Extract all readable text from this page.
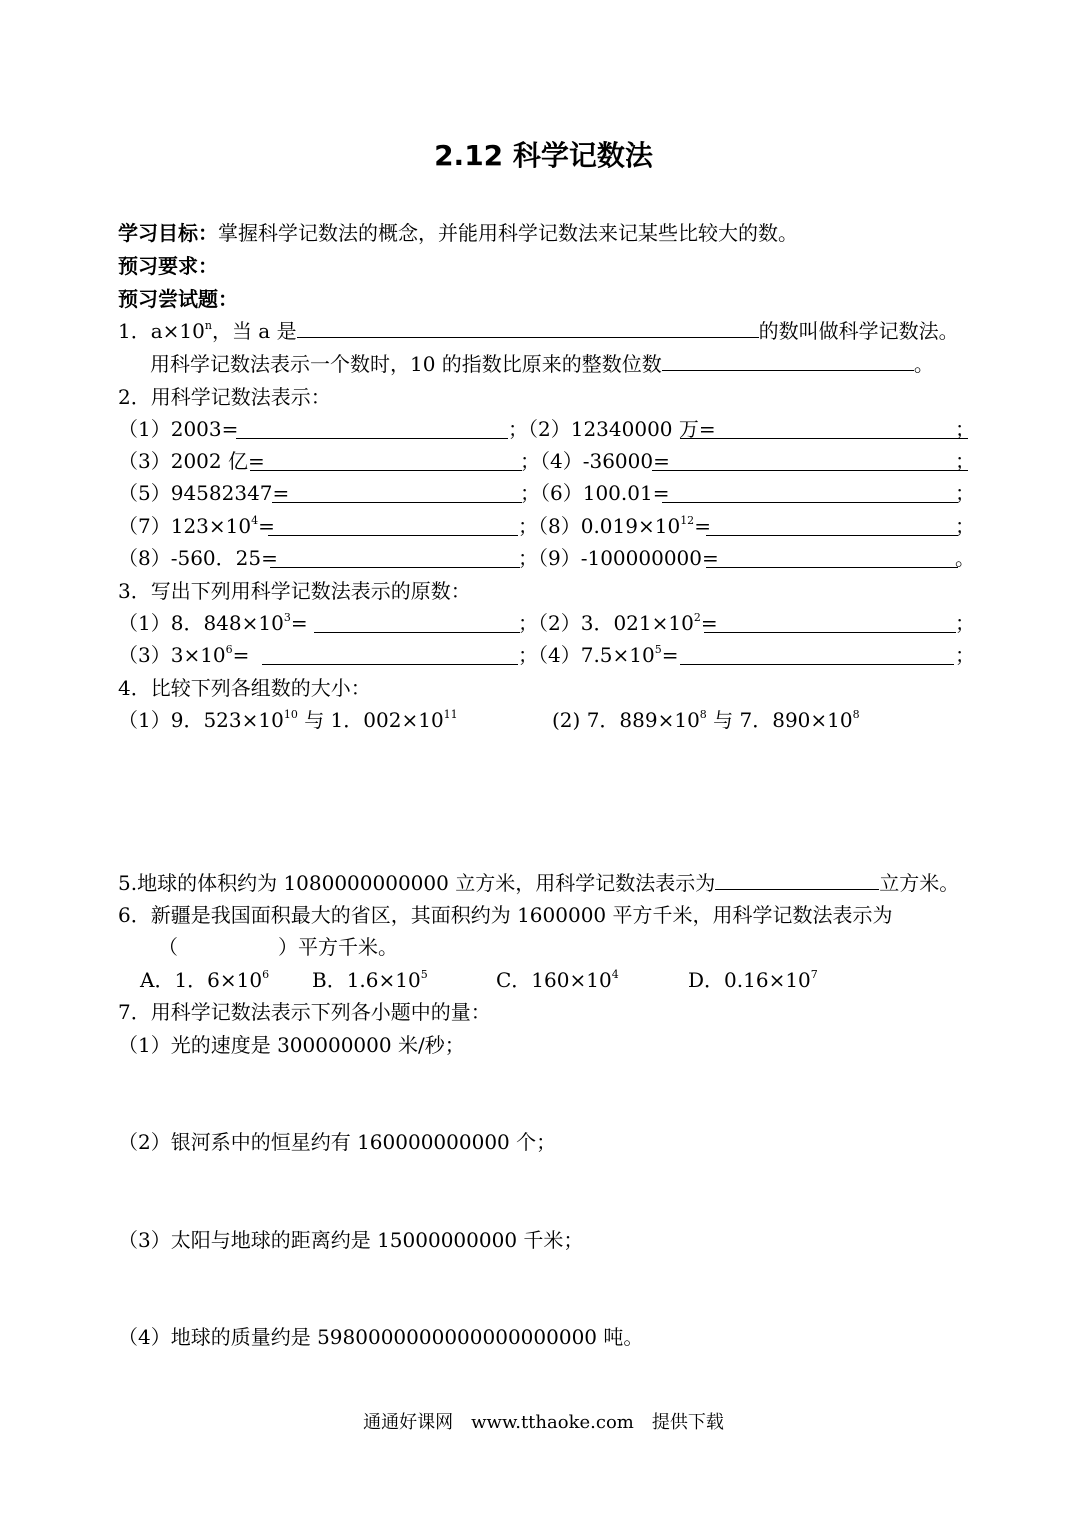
2.12 科学记数法
学习目标：掌握科学记数法的概念，并能用科学记数法来记某些比较大的数。
预习要求：
预习尝试题：
1．$a\times 10^n$，当 a 是	的数叫做科学记数法。
用科学记数法表示一个数时，10 的指数比原来的整数位数	。
2．用科学记数法表示：
（1）2003=	；（2）12340000 万=	；
（3）2002 亿=	；（4）-36000=	；
（5）94582347=	；（6）100.01=	；
$(7)123\times 10^4=$	；$(8)0.019\times 10^{12}=$	；
（8）-560．25=	；（9）-100000000=	。
3．写出下列用科学记数法表示的原数：
（1）8．$848\times 10^3=$	；（2）3．$021\times 10^2=$	；
$(3)3\times 10^6=$	；$(4)7.5\times 10^5=$	；
4．比较下列各组数的大小：
（1）9．$523\times 10^{10}$ 与 1．$002\times 10^{11}$	(2) 7．$889\times 10^8$ 与 7．$890\times 10^8$
5.地球的体积约为 1080000000000 立方米，用科学记数法表示为	立方米。
6．新疆是我国面积最大的省区，其面积约为 1600000 平方千米，用科学记数法表示为
（　　　　　）平方千米。
A．1．$6\times 10^6$ B．$1.6\times 10^5$	C．$160\times 10^4$	D．$0.16\times 10^7$
7．用科学记数法表示下列各小题中的量：
（1）光的速度是 300000000 米/秒；
（2）银河系中的恒星约有 160000000000 个；
（3）太阳与地球的距离约是 15000000000 千米；
（4）地球的质量约是 5980000000000000000000 吨。
通通好课网　www.tthaoke.com　提供下载
